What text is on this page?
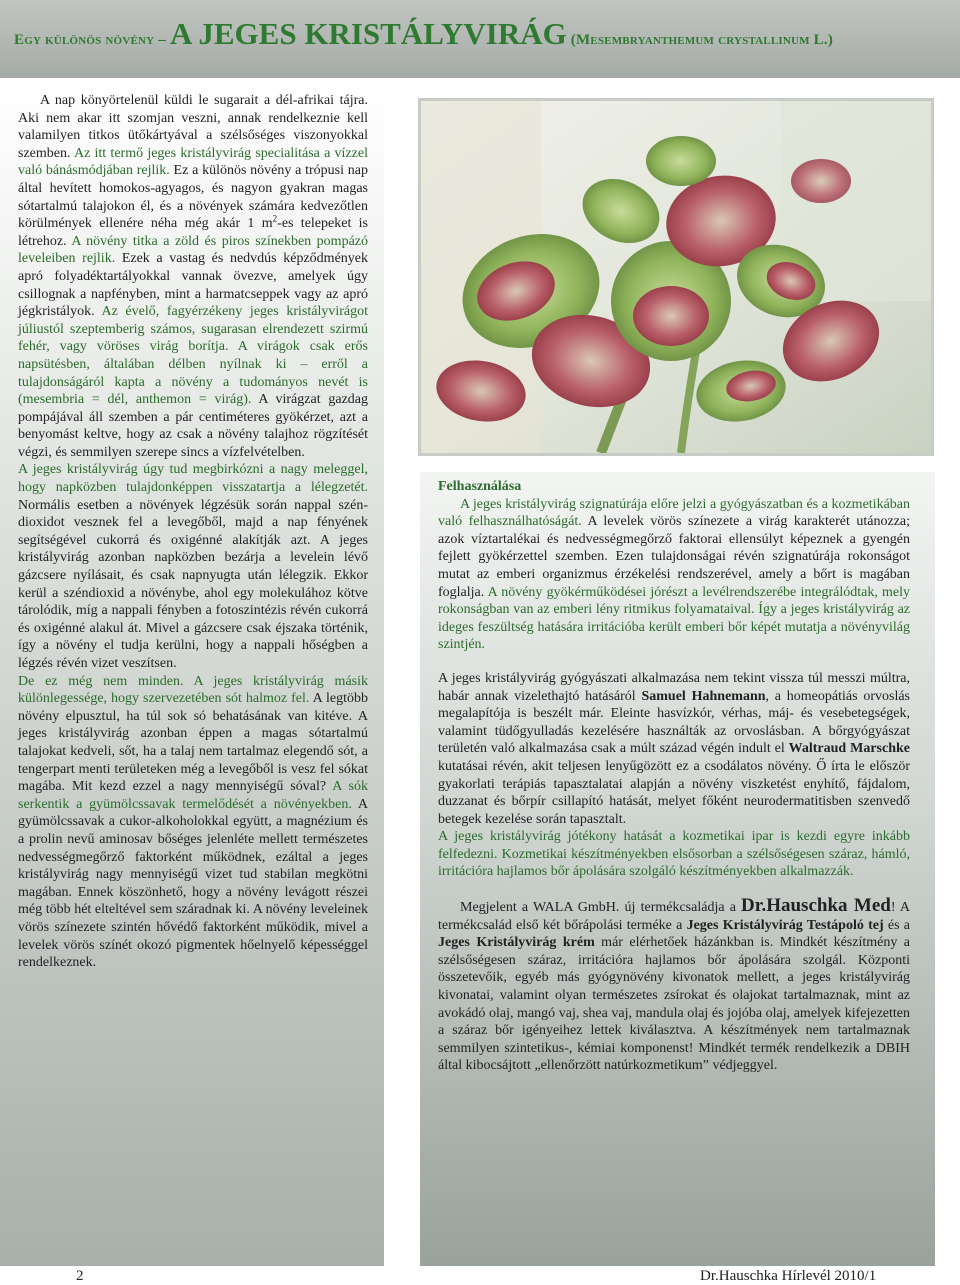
Egy különös növény – A JEGES KRISTÁLYVIRÁG (Mesembryanthemum crystallinum L.)

A nap könyörtelenül küldi le sugarait a dél-afrikai tájra. Aki nem akar itt szomjan veszni, annak rendelkeznie kell valamilyen titkos ütőkártyával a szélsőséges viszonyokkal szemben. Az itt termő jeges kristályvirág specialitása a vízzel való bánásmódjában rejlik. Ez a különös növény a trópusi nap által hevített homokos-agyagos, és nagyon gyakran magas sótartalmú talajokon él, és a növények számára kedvezőtlen körülmények ellenére néha még akár 1 $m^2-es$ telepeket is létrehoz. A növény titka a zöld és piros színekben pompázó leveleiben rejlik. Ezek a vastag és nedvdús képződmények apró folyadéktartályokkal vannak övezve, amelyek úgy csillognak a napfényben, mint a harmatcseppek vagy az apró jégkristályok. Az évelő, fagyérzékeny jeges kristályvirágot júliustól szeptemberig számos, sugarasan elrendezett szirmú fehér, vagy vöröses virág borítja. A virágok csak erős napsütésben, általában délben nyílnak ki – erről a tulajdonságáról kapta a növény a tudományos nevét is (mesembria = dél, anthemon = virág). A virágzat gazdag pompájával áll szemben a pár centiméteres gyökérzet, azt a benyomást keltve, hogy az csak a növény talajhoz rögzítését végzi, és semmilyen szerepe sincs a vízfelvételben.

A jeges kristályvirág úgy tud megbirkózni a nagy meleggel, hogy napközben tulajdonképpen visszatartja a lélegzetét. Normális esetben a növények légzésük során nappal szén-dioxidot vesznek fel a levegőből, majd a nap fényének segítségével cukorrá és oxigénné alakítják azt. A jeges kristályvirág azonban napközben bezárja a levelein lévő gázcsere nyílásait, és csak napnyugta után lélegzik. Ekkor kerül a széndioxid a növénybe, ahol egy molekulához kötve tárolódik, míg a nappali fényben a fotoszintézis révén cukorrá és oxigénné alakul át. Mivel a gázcsere csak éjszaka történik, így a növény el tudja kerülni, hogy a nappali hőségben a légzés révén vizet veszítsen.

De ez még nem minden. A jeges kristályvirág másik különlegessége, hogy szervezetében sót halmoz fel. A legtöbb növény elpusztul, ha túl sok só behatásának van kitéve. A jeges kristályvirág azonban éppen a magas sótartalmú talajokat kedveli, sőt, ha a talaj nem tartalmaz elegendő sót, a tengerpart menti területeken még a levegőből is vesz fel sókat magába. Mit kezd ezzel a nagy mennyiségű sóval? A sók serkentik a gyümölcssavak termelődését a növényekben. A gyümölcssavak a cukor-alkoholokkal együtt, a magnézium és a prolin nevű aminosav bőséges jelenléte mellett természetes nedvességmegőrző faktorként működnek, ezáltal a jeges kristályvirág nagy mennyiségű vizet tud stabilan megkötni magában. Ennek köszönhető, hogy a növény levágott részei még több hét elteltével sem száradnak ki. A növény leveleinek vörös színezete szintén hővédő faktorként működik, mivel a levelek vörös színét okozó pigmentek hőelnyelő képességgel rendelkeznek.

Felhasználása

A jeges kristályvirág szignatúrája előre jelzi a gyógyászatban és a kozmetikában való felhasználhatóságát. A levelek vörös színezete a virág karakterét utánozza; azok víztartalékai és nedvességmegőrző faktorai ellensúlyt képeznek a gyengén fejlett gyökérzettel szemben. Ezen tulajdonságai révén szignatúrája rokonságot mutat az emberi organizmus érzékelési rendszerével, amely a bőrt is magában foglalja. A növény gyökérműködései jórészt a levélrendszerébe integrálódtak, mely rokonságban van az emberi lény ritmikus folyamataival. Így a jeges kristályvirág az ideges feszültség hatására irritációba került emberi bőr képét mutatja a növényvilág szintjén.

A jeges kristályvirág gyógyászati alkalmazása nem tekint vissza túl messzi múltra, habár annak vizelethajtó hatásáról Samuel Hahnemann, a homeopátiás orvoslás megalapítója is beszélt már. Eleinte hasvízkór, vérhas, máj- és vesebetegségek, valamint tüdőgyulladás kezelésére használták az orvoslásban. A bőrgyógyászat területén való alkalmazása csak a múlt század végén indult el Waltraud Marschke kutatásai révén, akit teljesen lenyűgözött ez a csodálatos növény. Ő írta le először gyakorlati terápiás tapasztalatai alapján a növény viszketést enyhítő, fájdalom, duzzanat és bőrpír csillapító hatását, melyet főként neurodermatitisben szenvedő betegek kezelése során tapasztalt.

A jeges kristályvirág jótékony hatását a kozmetikai ipar is kezdi egyre inkább felfedezni. Kozmetikai készítményekben elsősorban a szélsőségesen száraz, hámló, irritációra hajlamos bőr ápolására szolgáló készítményekben alkalmazzák.

Megjelent a WALA GmbH. új termékcsaládja a Dr.Hauschka Med! A termékcsalád első két bőrápolási terméke a Jeges Kristályvirág Testápoló tej és a Jeges Kristályvirág krém már elérhetőek házánkban is. Mindkét készítmény a szélsőségesen száraz, irritációra hajlamos bőr ápolására szolgál. Központi összetevőik, egyéb más gyógynövény kivonatok mellett, a jeges kristályvirág kivonatai, valamint olyan természetes zsírokat és olajokat tartalmaznak, mint az avokádó olaj, mangó vaj, shea vaj, mandula olaj és jojóba olaj, amelyek kifejezetten a száraz bőr igényeihez lettek kiválasztva. A készítmények nem tartalmaznak semmilyen szintetikus-, kémiai komponenst! Mindkét termék rendelkezik a DBIH által kibocsájtott „ellenőrzött natúrkozmetikum” védjeggyel.

2	Dr.Hauschka Hírlevél 2010/1
